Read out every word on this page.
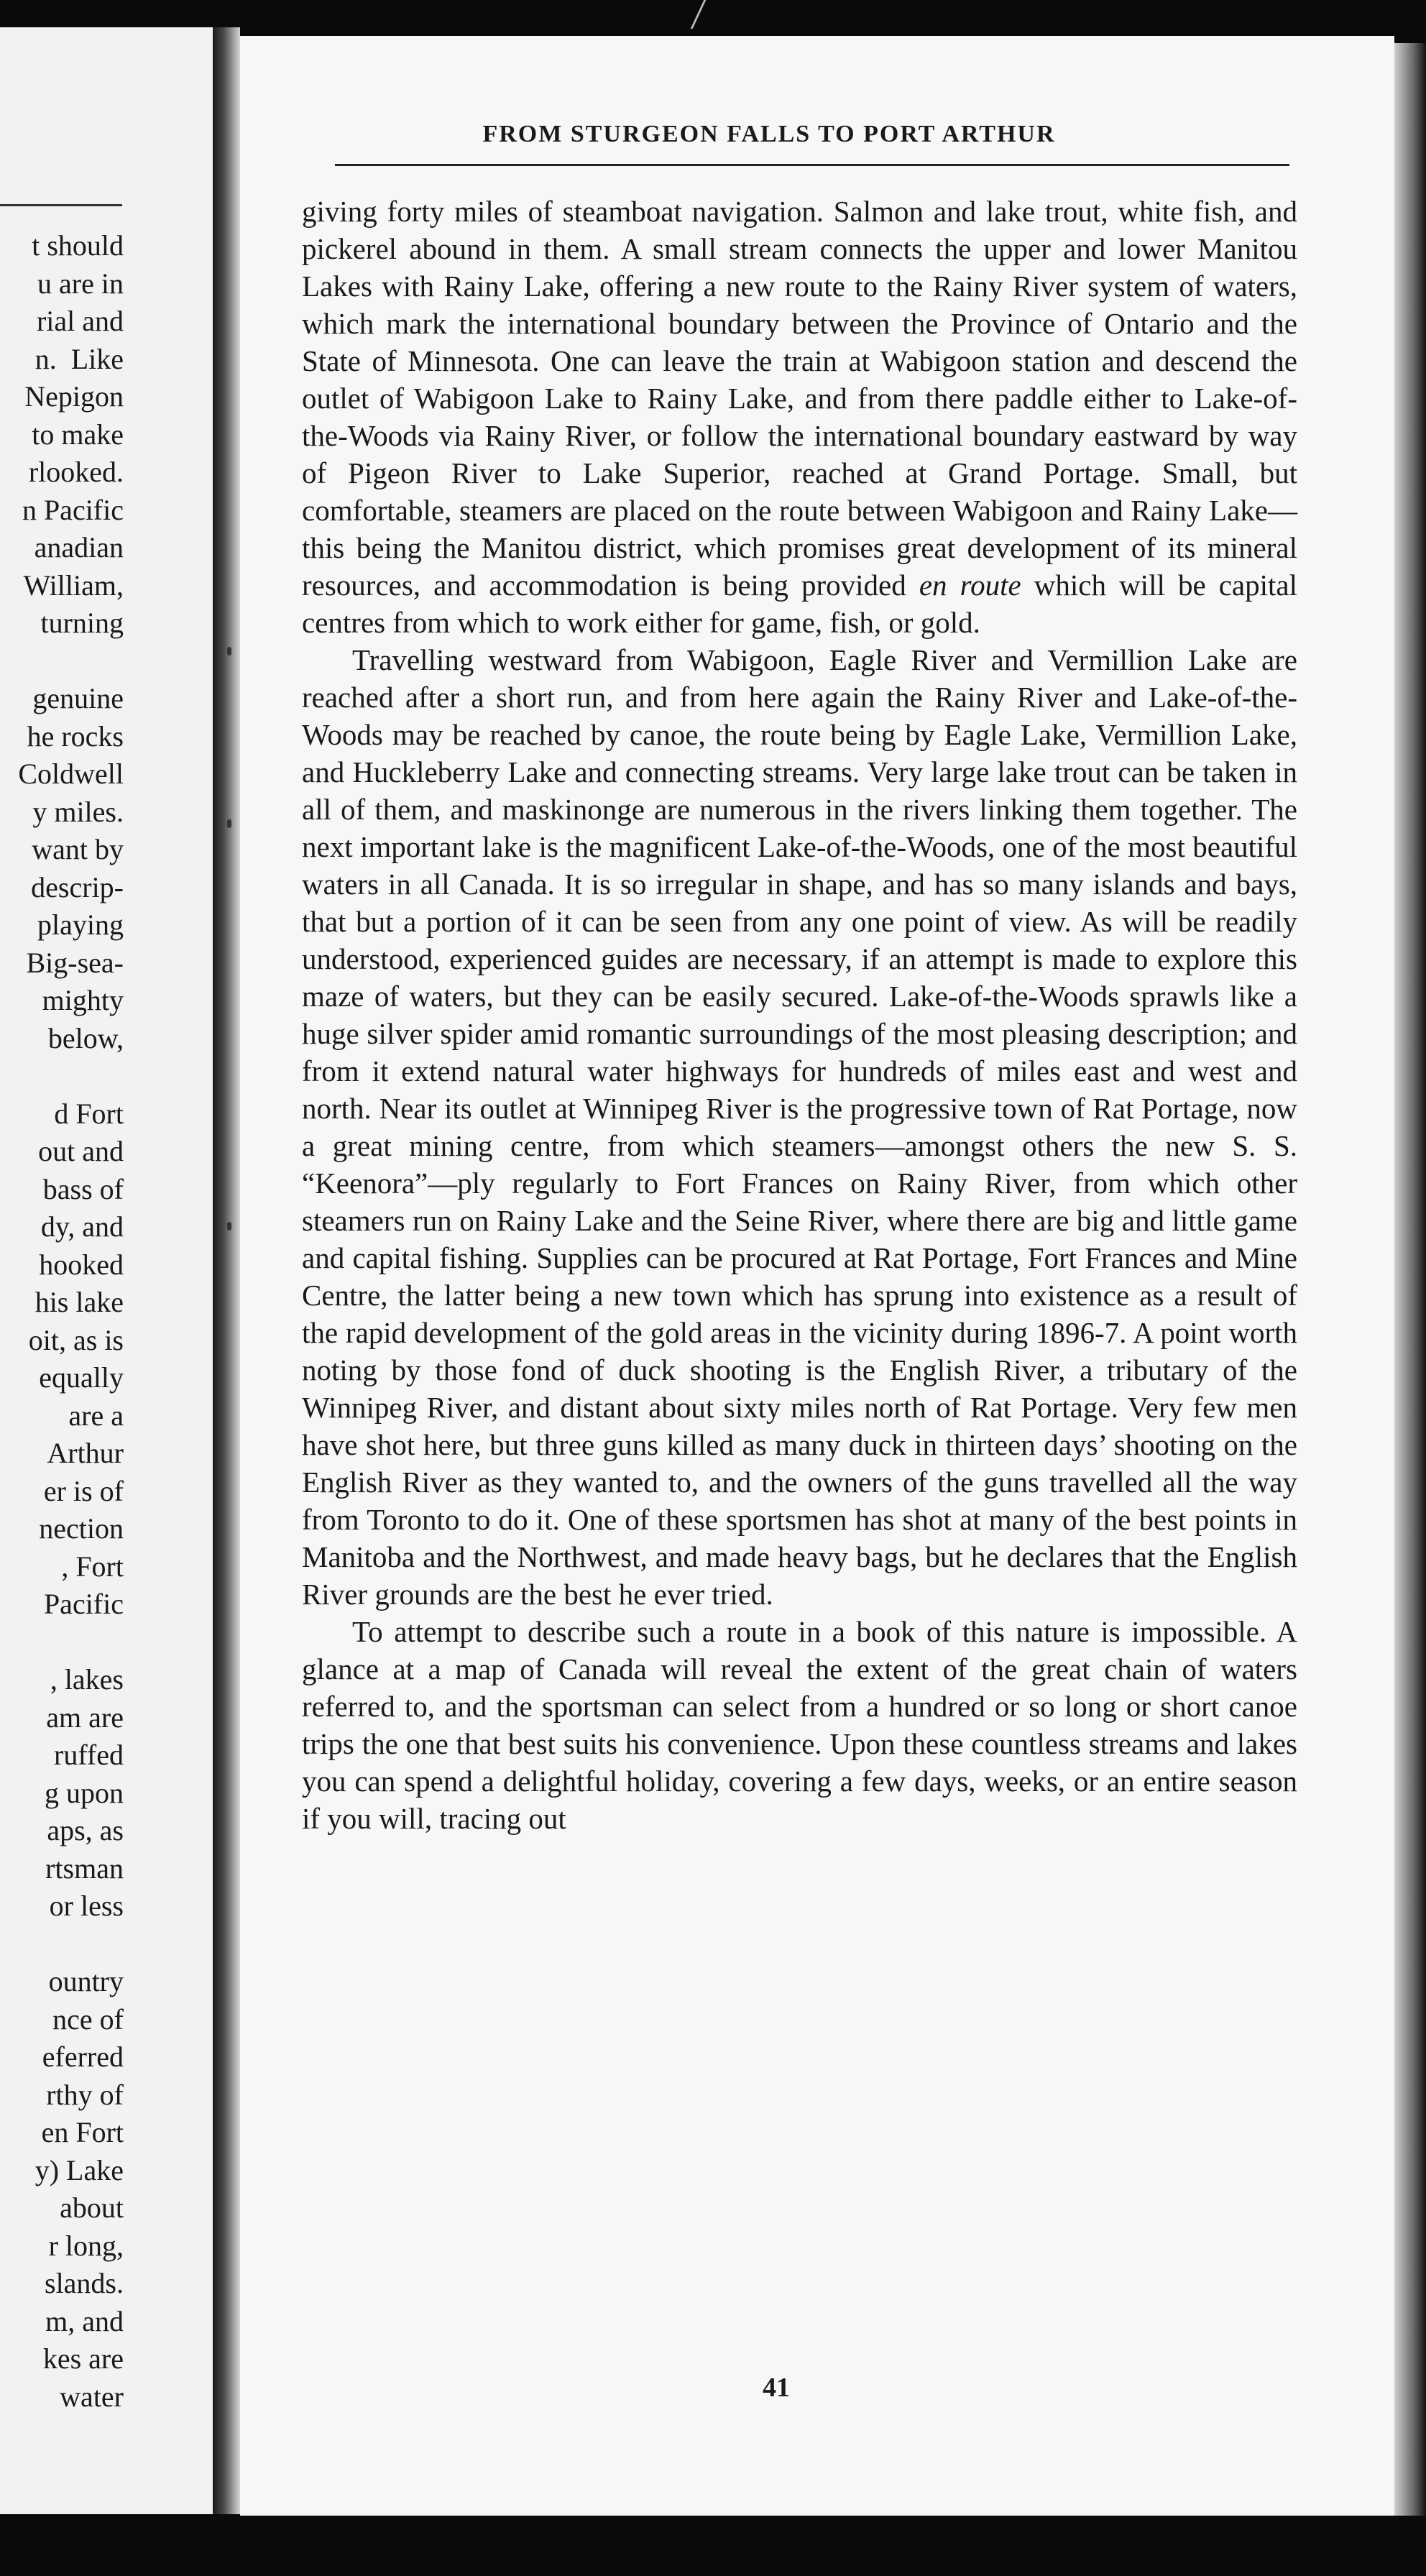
t should
u are in
rial and
n.  Like
Nepigon
to make
rlooked.
n Pacific
anadian
William,
turning
genuine
he rocks
Coldwell
y miles.
want by
descrip-
playing
Big-sea-
mighty
below,
d Fort
out and
bass of
dy, and
hooked
his lake
oit, as is
equally
are a
Arthur
er is of
nection
, Fort
Pacific
, lakes
am are
ruffed
g upon
aps, as
rtsman
or less
ountry
nce of
eferred
rthy of
en Fort
y) Lake
about
r long,
slands.
m, and
kes are
water
FROM STURGEON FALLS TO PORT ARTHUR

giving forty miles of steamboat navigation. Salmon and lake trout, white fish, and pickerel abound in them. A small stream connects the upper and lower Manitou Lakes with Rainy Lake, offering a new route to the Rainy River system of waters, which mark the international boundary between the Province of Ontario and the State of Minnesota. One can leave the train at Wabigoon station and descend the outlet of Wabigoon Lake to Rainy Lake, and from there paddle either to Lake-of-the-Woods via Rainy River, or follow the international boundary eastward by way of Pigeon River to Lake Superior, reached at Grand Portage. Small, but comfortable, steamers are placed on the route between Wabigoon and Rainy Lake—this being the Manitou district, which promises great development of its mineral resources, and accommodation is being provided en route which will be capital centres from which to work either for game, fish, or gold.

Travelling westward from Wabigoon, Eagle River and Vermillion Lake are reached after a short run, and from here again the Rainy River and Lake-of-the-Woods may be reached by canoe, the route being by Eagle Lake, Vermillion Lake, and Huckleberry Lake and connecting streams. Very large lake trout can be taken in all of them, and maskinonge are numerous in the rivers linking them together. The next important lake is the magnificent Lake-of-the-Woods, one of the most beautiful waters in all Canada. It is so irregular in shape, and has so many islands and bays, that but a portion of it can be seen from any one point of view. As will be readily understood, experienced guides are necessary, if an attempt is made to explore this maze of waters, but they can be easily secured. Lake-of-the-Woods sprawls like a huge silver spider amid romantic surroundings of the most pleasing description; and from it extend natural water highways for hundreds of miles east and west and north. Near its outlet at Winnipeg River is the progressive town of Rat Portage, now a great mining centre, from which steamers—amongst others the new S. S. “Keenora”—ply regularly to Fort Frances on Rainy River, from which other steamers run on Rainy Lake and the Seine River, where there are big and little game and capital fishing. Supplies can be procured at Rat Portage, Fort Frances and Mine Centre, the latter being a new town which has sprung into existence as a result of the rapid development of the gold areas in the vicinity during 1896-7. A point worth noting by those fond of duck shooting is the English River, a tributary of the Winnipeg River, and distant about sixty miles north of Rat Portage. Very few men have shot here, but three guns killed as many duck in thirteen days’ shooting on the English River as they wanted to, and the owners of the guns travelled all the way from Toronto to do it. One of these sportsmen has shot at many of the best points in Manitoba and the Northwest, and made heavy bags, but he declares that the English River grounds are the best he ever tried.

To attempt to describe such a route in a book of this nature is impossible. A glance at a map of Canada will reveal the extent of the great chain of waters referred to, and the sportsman can select from a hundred or so long or short canoe trips the one that best suits his convenience. Upon these countless streams and lakes you can spend a delightful holiday, covering a few days, weeks, or an entire season if you will, tracing out

41
